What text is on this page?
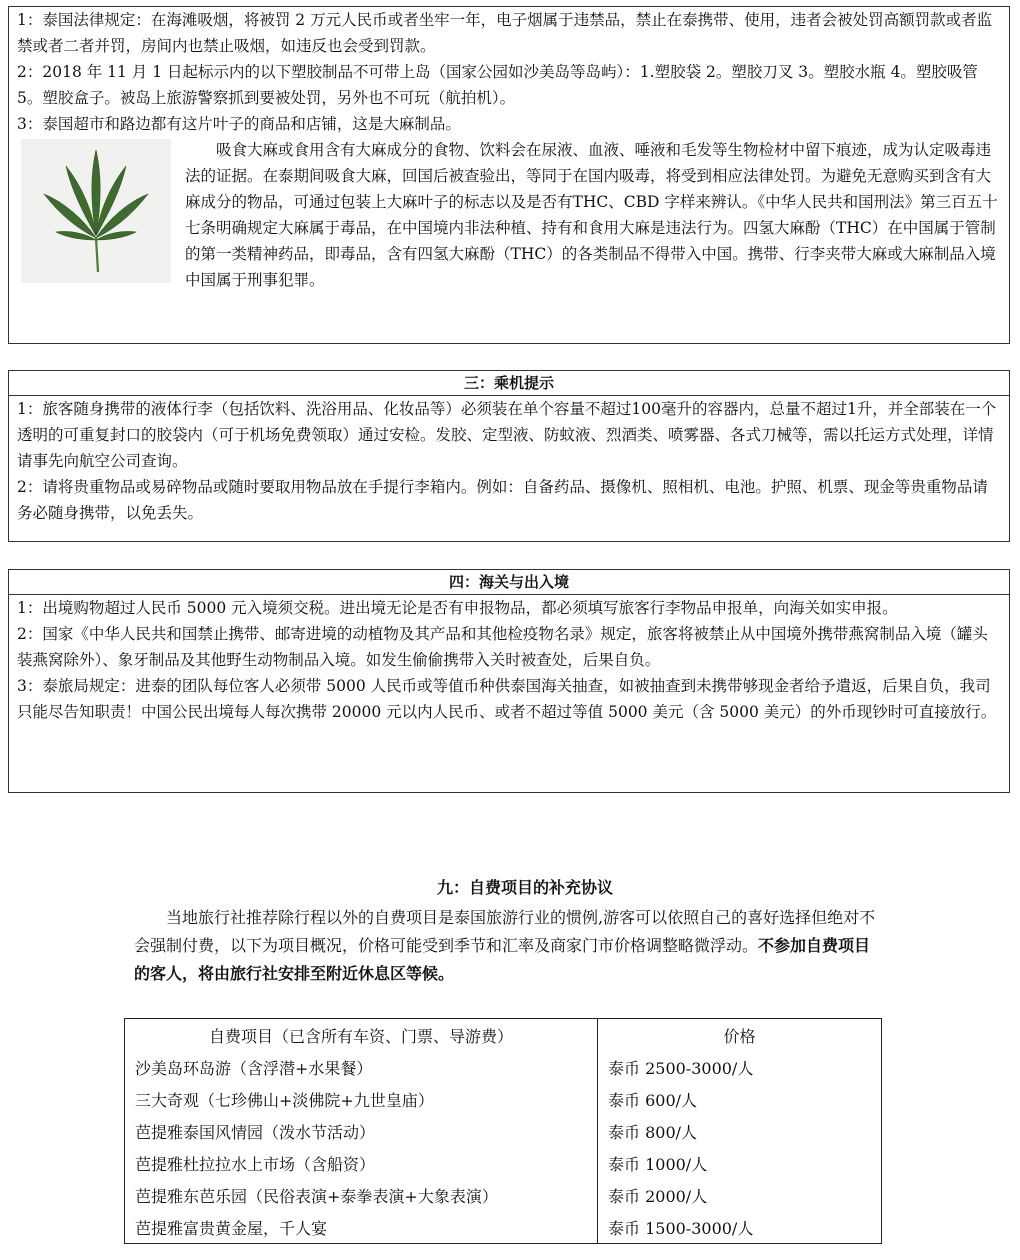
1：泰国法律规定：在海滩吸烟，将被罚 2 万元人民币或者坐牢一年，电子烟属于违禁品，禁止在泰携带、使用，违者会被处罚高额罚款或者监禁或者二者并罚，房间内也禁止吸烟，如违反也会受到罚款。

2：2018 年 11 月 1 日起标示内的以下塑胶制品不可带上岛（国家公园如沙美岛等岛屿）：1.塑胶袋 2。塑胶刀叉 3。塑胶水瓶 4。塑胶吸管 5。塑胶盒子。被岛上旅游警察抓到要被处罚，另外也不可玩（航拍机）。

3：泰国超市和路边都有这片叶子的商品和店铺，这是大麻制品。

吸食大麻或食用含有大麻成分的食物、饮料会在尿液、血液、唾液和毛发等生物检材中留下痕迹，成为认定吸毒违法的证据。在泰期间吸食大麻，回国后被查验出，等同于在国内吸毒，将受到相应法律处罚。为避免无意购买到含有大麻成分的物品，可通过包装上大麻叶子的标志以及是否有THC、CBD 字样来辨认。《中华人民共和国刑法》第三百五十七条明确规定大麻属于毒品，在中国境内非法种植、持有和食用大麻是违法行为。四氢大麻酚（THC）在中国属于管制的第一类精神药品，即毒品，含有四氢大麻酚（THC）的各类制品不得带入中国。携带、行李夹带大麻或大麻制品入境中国属于刑事犯罪。

三：乘机提示

1：旅客随身携带的液体行李（包括饮料、洗浴用品、化妆品等）必须装在单个容量不超过100毫升的容器内，总量不超过1升，并全部装在一个透明的可重复封口的胶袋内（可于机场免费领取）通过安检。发胶、定型液、防蚊液、烈酒类、喷雾器、各式刀械等，需以托运方式处理，详情请事先向航空公司查询。

2：请将贵重物品或易碎物品或随时要取用物品放在手提行李箱内。例如：自备药品、摄像机、照相机、电池。护照、机票、现金等贵重物品请务必随身携带，以免丢失。

四：海关与出入境

1：出境购物超过人民币 5000 元入境须交税。进出境无论是否有申报物品，都必须填写旅客行李物品申报单，向海关如实申报。

2：国家《中华人民共和国禁止携带、邮寄进境的动植物及其产品和其他检疫物名录》规定，旅客将被禁止从中国境外携带燕窝制品入境（罐头装燕窝除外）、象牙制品及其他野生动物制品入境。如发生偷偷携带入关时被查处，后果自负。

3：泰旅局规定：进泰的团队每位客人必须带 5000 人民币或等值币种供泰国海关抽查，如被抽查到未携带够现金者给予遣返，后果自负，我司只能尽告知职责！中国公民出境每人每次携带 20000 元以内人民币、或者不超过等值 5000 美元（含 5000 美元）的外币现钞时可直接放行。

九：自费项目的补充协议

当地旅行社推荐除行程以外的自费项目是泰国旅游行业的惯例,游客可以依照自己的喜好选择但绝对不会强制付费，以下为项目概况，价格可能受到季节和汇率及商家门市价格调整略微浮动。不参加自费项目的客人，将由旅行社安排至附近休息区等候。

自费项目（已含所有车资、门票、导游费）	价格
沙美岛环岛游（含浮潜+水果餐）	泰币 2500-3000/人
三大奇观（七珍佛山+淡佛院+九世皇庙）	泰币 600/人
芭提雅泰国风情园（泼水节活动）	泰币 800/人
芭提雅杜拉拉水上市场（含船资）	泰币 1000/人
芭提雅东芭乐园（民俗表演+泰拳表演+大象表演）	泰币 2000/人
芭提雅富贵黄金屋，千人宴	泰币 1500-3000/人
